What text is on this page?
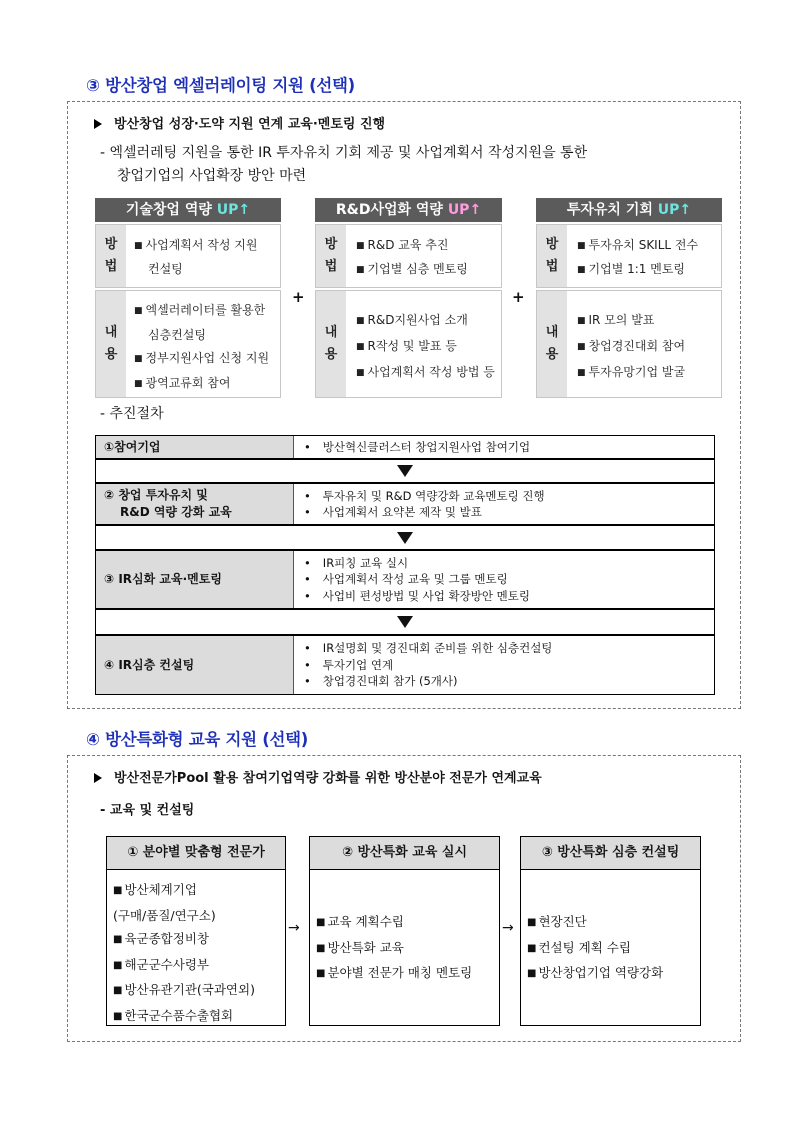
③ 방산창업 엑셀러레이팅 지원 (선택)
방산창업 성장·도약 지원 연계 교육·멘토링 진행
- 엑셀러레팅 지원을 통한 IR 투자유치 기회 제공 및 사업계획서 작성지원을 통한
창업기업의 사업확장 방안 마련
기술창업 역량 UP↑
방
법
■ 사업계획서 작성 지원
컨설팅
내
용
■ 엑셀러레이터를 활용한
심층컨설팅
■ 정부지원사업 신청 지원
■ 광역교류회 참여
+
R&D사업화 역량 UP↑
방
법
■ R&D 교육 추진
■ 기업별 심층 멘토링
내
용
■ R&D지원사업 소개
■ R작성 및 발표 등
■ 사업계획서 작성 방법 등
+
투자유치 기회 UP↑
방
법
■ 투자유치 SKILL 전수
■ 기업별 1:1 멘토링
내
용
■ IR 모의 발표
■ 창업경진대회 참여
■ 투자유망기업 발굴
- 추진절차
①참여기업
•	방산혁신클러스터 창업지원사업 참여기업
② 창업 투자유치 및
R&D 역량 강화 교육
• 투자유치 및 R&D 역량강화 교육멘토링 진행
• 사업계획서 요약본 제작 및 발표
③ IR심화 교육·멘토링
• IR피칭 교육 실시
• 사업계획서 작성 교육 및 그룹 멘토링
• 사업비 편성방법 및 사업 확장방안 멘토링
④ IR심층 컨설팅
• IR설명회 및 경진대회 준비를 위한 심층컨설팅
• 투자기업 연계
• 창업경진대회 참가 (5개사)
④ 방산특화형 교육 지원 (선택)
방산전문가Pool 활용 참여기업역량 강화를 위한 방산분야 전문가 연계교육
- 교육 및 컨설팅
① 분야별 맞춤형 전문가
■ 방산체계기업
(구매/품질/연구소)
■ 육군종합정비창
■ 해군군수사령부
■ 방산유관기관(국과연외)
■ 한국군수품수출협회
→
② 방산특화 교육 실시
■ 교육 계획수립
■ 방산특화 교육
■ 분야별 전문가 매칭 멘토링
→
③ 방산특화 심층 컨설팅
■ 현장진단
■ 컨설팅 계획 수립
■ 방산창업기업 역량강화
